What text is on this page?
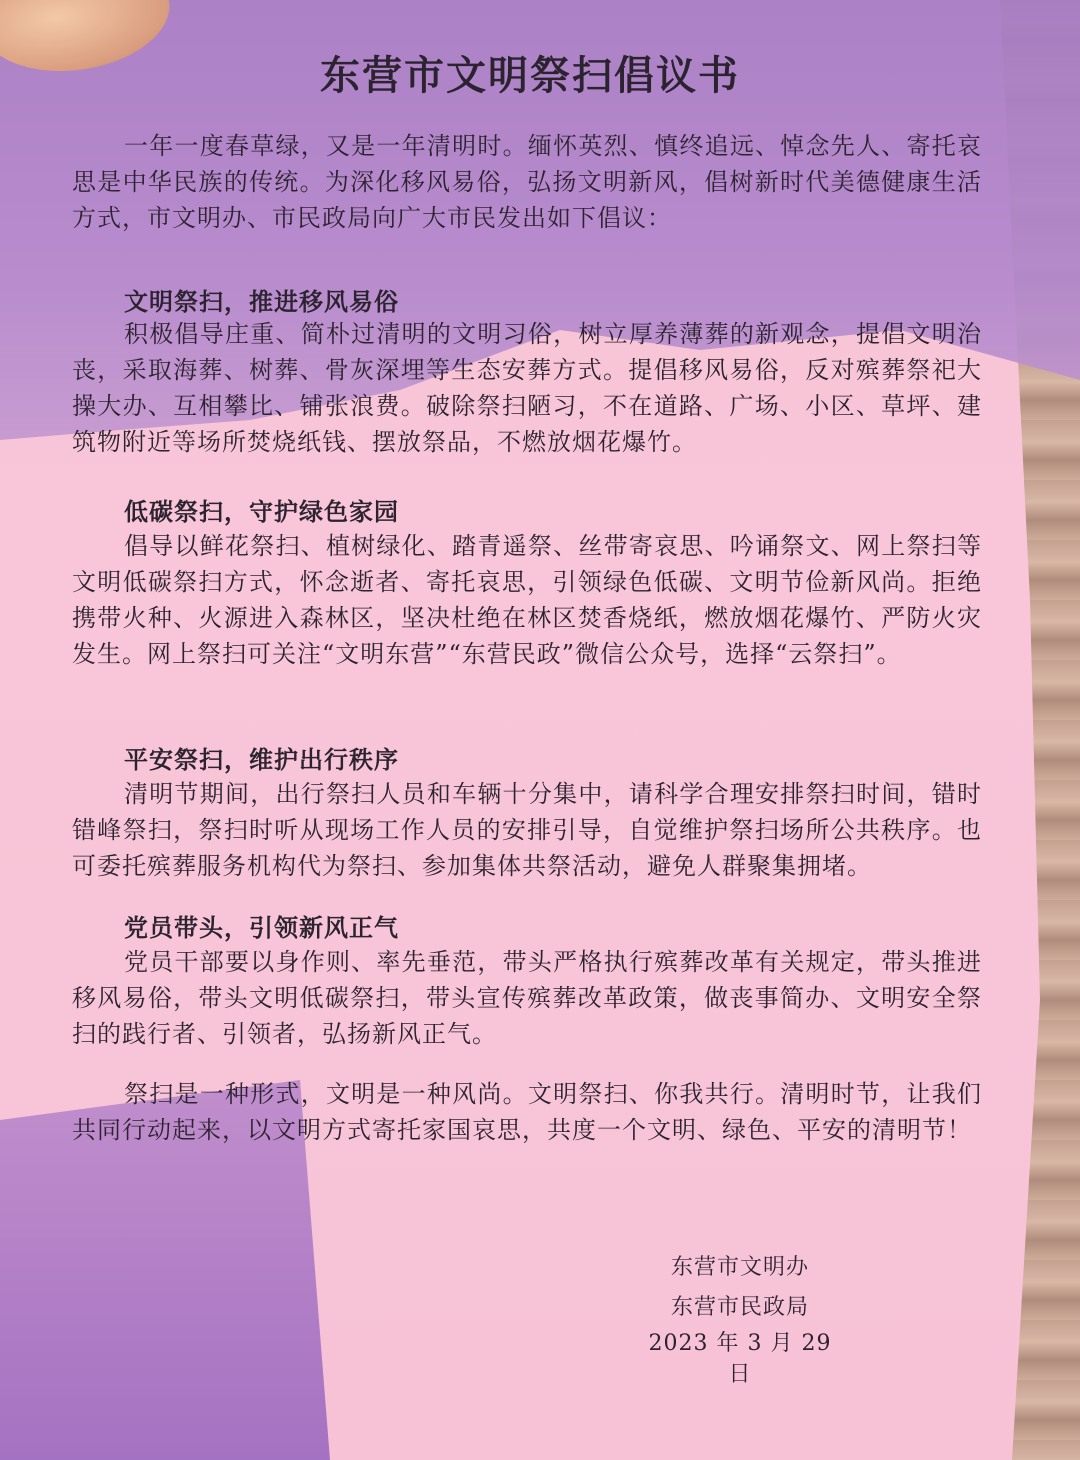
东营市文明祭扫倡议书
一年一度春草绿，又是一年清明时。缅怀英烈、慎终追远、悼念先人、寄托哀思是中华民族的传统。为深化移风易俗，弘扬文明新风，倡树新时代美德健康生活方式，市文明办、市民政局向广大市民发出如下倡议：
文明祭扫，推进移风易俗
积极倡导庄重、简朴过清明的文明习俗，树立厚养薄葬的新观念，提倡文明治丧，采取海葬、树葬、骨灰深埋等生态安葬方式。提倡移风易俗，反对殡葬祭祀大操大办、互相攀比、铺张浪费。破除祭扫陋习，不在道路、广场、小区、草坪、建筑物附近等场所焚烧纸钱、摆放祭品，不燃放烟花爆竹。
低碳祭扫，守护绿色家园
倡导以鲜花祭扫、植树绿化、踏青遥祭、丝带寄哀思、吟诵祭文、网上祭扫等文明低碳祭扫方式，怀念逝者、寄托哀思，引领绿色低碳、文明节俭新风尚。拒绝携带火种、火源进入森林区，坚决杜绝在林区焚香烧纸，燃放烟花爆竹、严防火灾发生。网上祭扫可关注“文明东营”“东营民政”微信公众号，选择“云祭扫”。
平安祭扫，维护出行秩序
清明节期间，出行祭扫人员和车辆十分集中，请科学合理安排祭扫时间，错时错峰祭扫，祭扫时听从现场工作人员的安排引导，自觉维护祭扫场所公共秩序。也可委托殡葬服务机构代为祭扫、参加集体共祭活动，避免人群聚集拥堵。
党员带头，引领新风正气
党员干部要以身作则、率先垂范，带头严格执行殡葬改革有关规定，带头推进移风易俗，带头文明低碳祭扫，带头宣传殡葬改革政策，做丧事简办、文明安全祭扫的践行者、引领者，弘扬新风正气。
祭扫是一种形式，文明是一种风尚。文明祭扫、你我共行。清明时节，让我们共同行动起来，以文明方式寄托家国哀思，共度一个文明、绿色、平安的清明节！
东营市文明办
东营市民政局
2023 年 3 月 29 日
